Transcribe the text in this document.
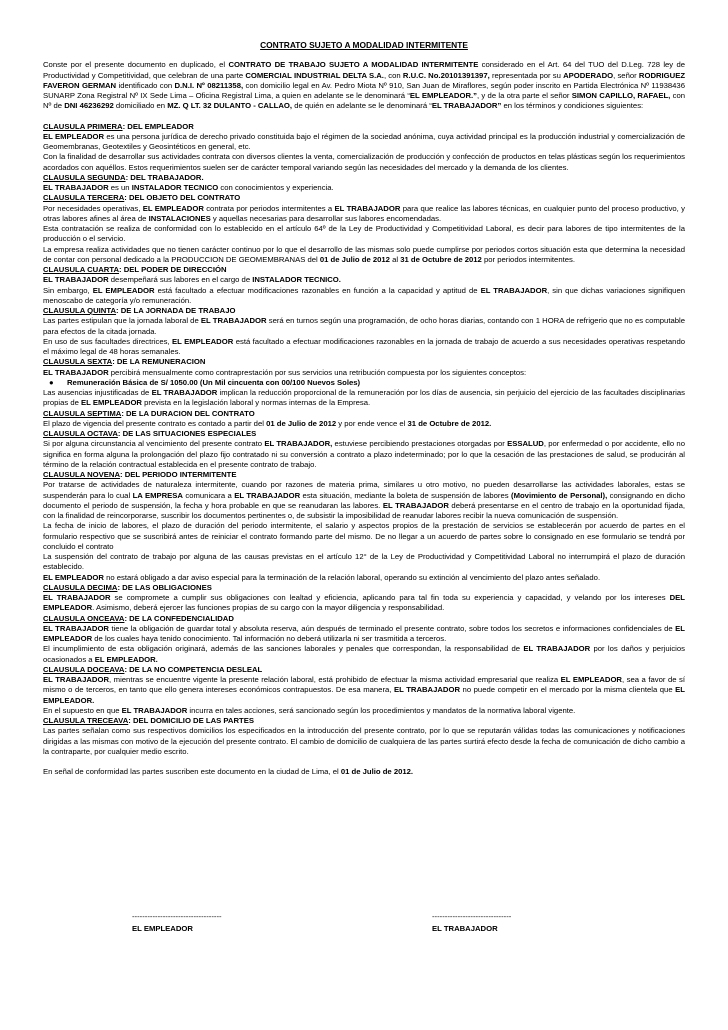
CONTRATO SUJETO A MODALIDAD INTERMITENTE

Conste por el presente documento en duplicado, el CONTRATO DE TRABAJO SUJETO A MODALIDAD INTERMITENTE considerado en el Art. 64 del TUO del D.Leg. 728 ley de Productividad y Competitividad, que celebran de una parte COMERCIAL INDUSTRIAL DELTA S.A., con R.U.C. No.20101391397, representada por su APODERADO, señor RODRIGUEZ FAVERON GERMAN identificado con D.N.I. Nº 08211358, con domicilio legal en Av. Pedro Miota Nº 910, San Juan de Miraflores, según poder inscrito en Partida Electrónica Nº 11938436 SUNARP Zona Registral Nº IX Sede Lima – Oficina Registral Lima, a quien en adelante se le denominará “EL EMPLEADOR.”, y de la otra parte el señor SIMON CAPILLO, RAFAEL, con Nº de DNI 46236292 domiciliado en MZ. Q LT. 32 DULANTO - CALLAO, de quién en adelante se le denominará “EL TRABAJADOR” en los términos y condiciones siguientes:

CLAUSULA PRIMERA: DEL EMPLEADOR

EL EMPLEADOR es una persona jurídica de derecho privado constituida bajo el régimen de la sociedad anónima, cuya actividad principal es la producción industrial y comercialización de Geomembranas, Geotextiles y Geosintéticos en general, etc.

Con la finalidad de desarrollar sus actividades contrata con diversos clientes la venta, comercialización de producción y confección de productos en telas plásticas según los requerimientos acordados con aquéllos. Estos requerimientos suelen ser de carácter temporal variando según las necesidades del mercado y la demanda de los clientes.

CLAUSULA SEGUNDA: DEL TRABAJADOR.

EL TRABAJADOR es un INSTALADOR TECNICO con conocimientos y experiencia.

CLAUSULA TERCERA: DEL OBJETO DEL CONTRATO

Por necesidades operativas, EL EMPLEADOR contrata por periodos intermitentes a EL TRABAJADOR para que realice las labores técnicas, en cualquier punto del proceso productivo, y otras labores afines al área de INSTALACIONES y aquellas necesarias para desarrollar sus labores encomendadas.

Esta contratación se realiza de conformidad con lo establecido en el artículo 64º de la Ley de Productividad y Competitividad Laboral, es decir para labores de tipo intermitentes de la producción o el servicio.

La empresa realiza actividades que no tienen carácter continuo por lo que el desarrollo de las mismas solo puede cumplirse por periodos cortos situación esta que determina la necesidad de contar con personal dedicado a la PRODUCCION DE GEOMEMBRANAS del 01 de Julio de 2012 al 31 de Octubre de 2012 por periodos intermitentes.

CLAUSULA CUARTA: DEL PODER DE DIRECCIÓN

EL TRABAJADOR desempeñará sus labores en el cargo de INSTALADOR TECNICO.

Sin embargo, EL EMPLEADOR está facultado a efectuar modificaciones razonables en función a la capacidad y aptitud de EL TRABAJADOR, sin que dichas variaciones signifiquen menoscabo de categoría y/o remuneración.

CLAUSULA QUINTA: DE LA JORNADA DE TRABAJO

Las partes estipulan que la jornada laboral de EL TRABAJADOR será en turnos según una programación, de ocho horas diarias, contando con 1 HORA de refrigerio que no es computable para efectos de la citada jornada.

En uso de sus facultades directrices, EL EMPLEADOR está facultado a efectuar modificaciones razonables en la jornada de trabajo de acuerdo a sus necesidades operativas respetando el máximo legal de 48 horas semanales.

CLAUSULA SEXTA: DE LA REMUNERACION

EL TRABAJADOR percibirá mensualmente como contraprestación por sus servicios una retribución compuesta por los siguientes conceptos:

● Remuneración Básica de S/ 1050.00 (Un Mil cincuenta con 00/100 Nuevos Soles)

Las ausencias injustificadas de EL TRABAJADOR implican la reducción proporcional de la remuneración por los días de ausencia, sin perjuicio del ejercicio de las facultades disciplinarias propias de EL EMPLEADOR prevista en la legislación laboral y normas internas de la Empresa.

CLAUSULA SEPTIMA: DE LA DURACION DEL CONTRATO

El plazo de vigencia del presente contrato es contado a partir del 01 de Julio de 2012 y por ende vence el 31 de Octubre de 2012.

CLAUSULA OCTAVA: DE LAS SITUACIONES ESPECIALES

Si por alguna circunstancia al vencimiento del presente contrato EL TRABAJADOR, estuviese percibiendo prestaciones otorgadas por ESSALUD, por enfermedad o por accidente, ello no significa en forma alguna la prolongación del plazo fijo contratado ni su conversión a contrato a plazo indeterminado; por lo que la cesación de las prestaciones de salud, se producirán al término de la relación contractual establecida en el presente contrato de trabajo.

CLAUSULA NOVENA: DEL PERIODO INTERMITENTE

Por tratarse de actividades de naturaleza intermitente, cuando por razones de materia prima, similares u otro motivo, no pueden desarrollarse las actividades laborales, estas se suspenderán para lo cual LA EMPRESA comunicara a EL TRABAJADOR esta situación, mediante la boleta de suspensión de labores (Movimiento de Personal), consignando en dicho documento el periodo de suspensión, la fecha y hora probable en que se reanudaran las labores. EL TRABAJADOR deberá presentarse en el centro de trabajo en la oportunidad fijada, con la finalidad de reincorporarse, suscribir los documentos pertinentes o, de subsistir la imposibilidad de reanudar labores recibir la nueva comunicación de suspensión.

La fecha de inicio de labores, el plazo de duración del periodo intermitente, el salario y aspectos propios de la prestación de servicios se establecerán por acuerdo de partes en el formulario respectivo que se suscribirá antes de reiniciar el contrato formando parte del mismo. De no llegar a un acuerdo de partes sobre lo consignado en ese formulario se tendrá por concluido el contrato

La suspensión del contrato de trabajo por alguna de las causas previstas en el artículo 12° de la Ley de Productividad y Competitividad Laboral no interrumpirá el plazo de duración establecido.

EL EMPLEADOR no estará obligado a dar aviso especial para la terminación de la relación laboral, operando su extinción al vencimiento del plazo antes señalado.

CLAUSULA DECIMA: DE LAS OBLIGACIONES

EL TRABAJADOR se compromete a cumplir sus obligaciones con lealtad y eficiencia, aplicando para tal fin toda su experiencia y capacidad, y velando por los intereses DEL EMPLEADOR. Asimismo, deberá ejercer las funciones propias de su cargo con la mayor diligencia y responsabilidad.

CLAUSULA ONCEAVA: DE LA CONFEDENCIALIDAD

EL TRABAJADOR tiene la obligación de guardar total y absoluta reserva, aún después de terminado el presente contrato, sobre todos los secretos e informaciones confidenciales de EL EMPLEADOR de los cuales haya tenido conocimiento. Tal información no deberá utilizarla ni ser trasmitida a terceros.

El incumplimiento de esta obligación originará, además de las sanciones laborales y penales que correspondan, la responsabilidad de EL TRABAJADOR por los daños y perjuicios ocasionados a EL EMPLEADOR.

CLAUSULA DOCEAVA: DE LA NO COMPETENCIA DESLEAL

EL TRABAJADOR, mientras se encuentre vigente la presente relación laboral, está prohibido de efectuar la misma actividad empresarial que realiza EL EMPLEADOR, sea a favor de sí mismo o de terceros, en tanto que ello genera intereses económicos contrapuestos. De esa manera, EL TRABAJADOR no puede competir en el mercado por la misma clientela que EL EMPLEADOR.

En el supuesto en que EL TRABAJADOR incurra en tales acciones, será sancionado según los procedimientos y mandatos de la normativa laboral vigente.

CLAUSULA TRECEAVA: DEL DOMICILIO DE LAS PARTES

Las partes señalan como sus respectivos domicilios los especificados en la introducción del presente contrato, por lo que se reputarán válidas todas las comunicaciones y notificaciones dirigidas a las mismas con motivo de la ejecución del presente contrato. El cambio de domicilio de cualquiera de las partes surtirá efecto desde la fecha de comunicación de dicho cambio a la contraparte, por cualquier medio escrito.

En señal de conformidad las partes suscriben este documento en la ciudad de Lima, el 01 de Julio de 2012.

-----------------------------------
EL EMPLEADOR
-------------------------------
EL TRABAJADOR
